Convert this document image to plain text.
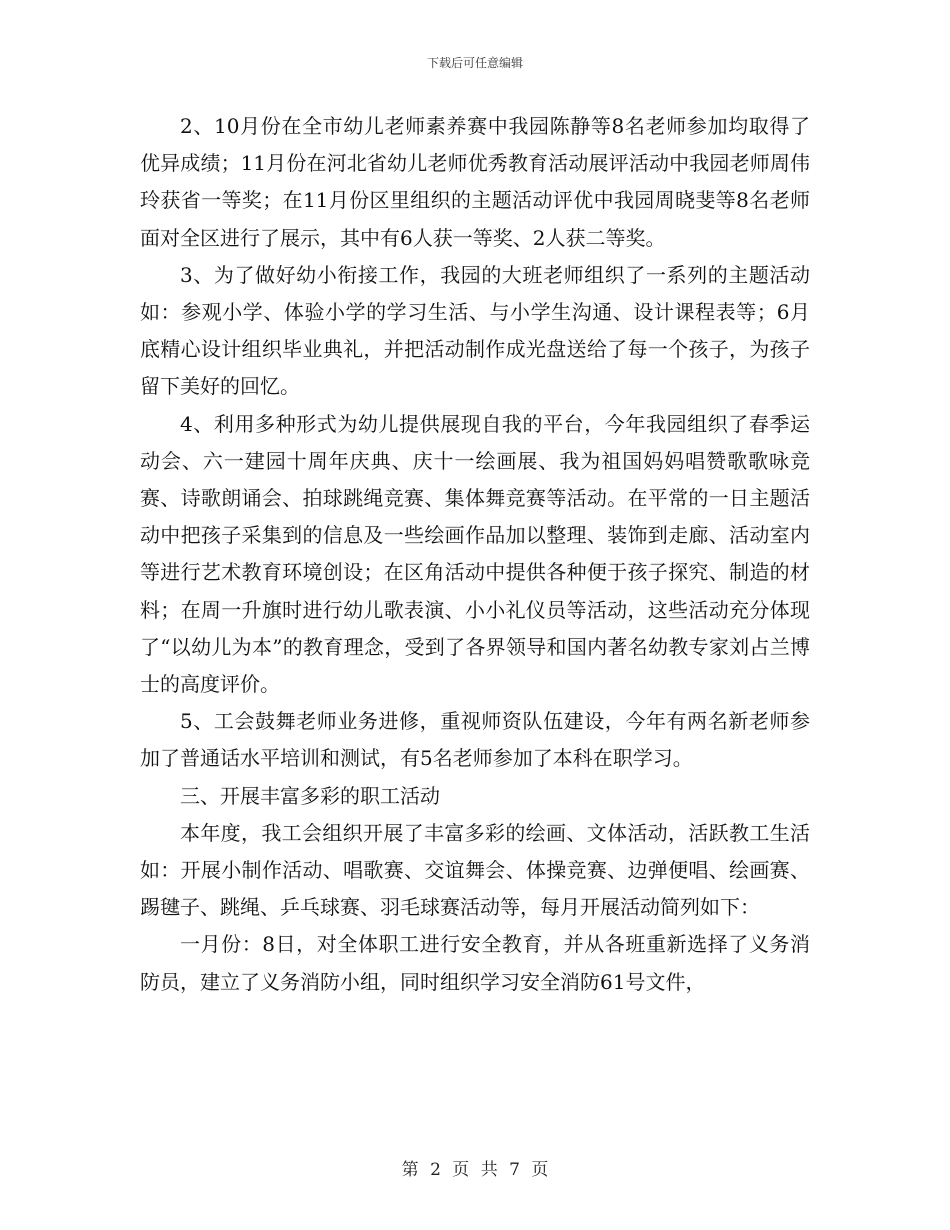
下载后可任意编辑

2、10月份在全市幼儿老师素养赛中我园陈静等8名老师参加均取得了优异成绩；11月份在河北省幼儿老师优秀教育活动展评活动中我园老师周伟玲获省一等奖；在11月份区里组织的主题活动评优中我园周晓斐等8名老师面对全区进行了展示，其中有6人获一等奖、2人获二等奖。

3、为了做好幼小衔接工作，我园的大班老师组织了一系列的主题活动如：参观小学、体验小学的学习生活、与小学生沟通、设计课程表等；6月底精心设计组织毕业典礼，并把活动制作成光盘送给了每一个孩子，为孩子留下美好的回忆。

4、利用多种形式为幼儿提供展现自我的平台，今年我园组织了春季运动会、六一建园十周年庆典、庆十一绘画展、我为祖国妈妈唱赞歌歌咏竞赛、诗歌朗诵会、拍球跳绳竞赛、集体舞竞赛等活动。在平常的一日主题活动中把孩子采集到的信息及一些绘画作品加以整理、装饰到走廊、活动室内等进行艺术教育环境创设；在区角活动中提供各种便于孩子探究、制造的材料；在周一升旗时进行幼儿歌表演、小小礼仪员等活动，这些活动充分体现了“以幼儿为本”的教育理念，受到了各界领导和国内著名幼教专家刘占兰博士的高度评价。

5、工会鼓舞老师业务进修，重视师资队伍建设，今年有两名新老师参加了普通话水平培训和测试，有5名老师参加了本科在职学习。

三、开展丰富多彩的职工活动

本年度，我工会组织开展了丰富多彩的绘画、文体活动，活跃教工生活如：开展小制作活动、唱歌赛、交谊舞会、体操竞赛、边弹便唱、绘画赛、踢毽子、跳绳、乒乓球赛、羽毛球赛活动等，每月开展活动简列如下：

一月份：8日，对全体职工进行安全教育，并从各班重新选择了义务消防员，建立了义务消防小组，同时组织学习安全消防61号文件，

第 2 页 共 7 页
